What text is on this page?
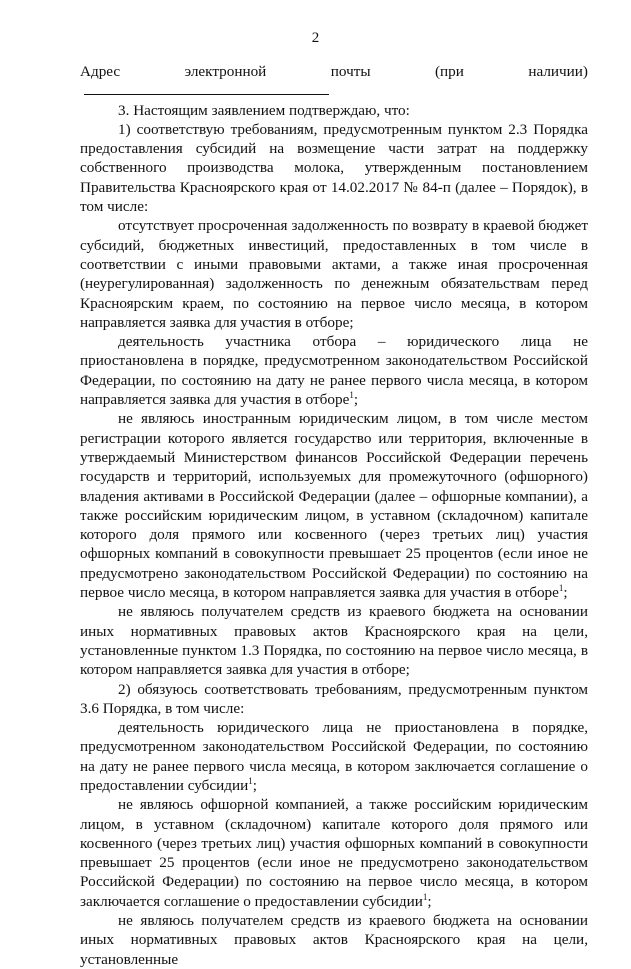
2

Адрес электронной почты (при наличии)

3. Настоящим заявлением подтверждаю, что:

1) соответствую требованиям, предусмотренным пунктом 2.3 Порядка предоставления субсидий на возмещение части затрат на поддержку собственного производства молока, утвержденным постановлением Правительства Красноярского края от 14.02.2017 № 84-п (далее – Порядок), в том числе:

отсутствует просроченная задолженность по возврату в краевой бюджет субсидий, бюджетных инвестиций, предоставленных в том числе в соответствии с иными правовыми актами, а также иная просроченная (неурегулированная) задолженность по денежным обязательствам перед Красноярским краем, по состоянию на первое число месяца, в котором направляется заявка для участия в отборе;

деятельность участника отбора – юридического лица не приостановлена в порядке, предусмотренном законодательством Российской Федерации, по состоянию на дату не ранее первого числа месяца, в котором направляется заявка для участия в отборе$^1$;

не являюсь иностранным юридическим лицом, в том числе местом регистрации которого является государство или территория, включенные в утверждаемый Министерством финансов Российской Федерации перечень государств и территорий, используемых для промежуточного (офшорного) владения активами в Российской Федерации (далее – офшорные компании), а также российским юридическим лицом, в уставном (складочном) капитале которого доля прямого или косвенного (через третьих лиц) участия офшорных компаний в совокупности превышает 25 процентов (если иное не предусмотрено законодательством Российской Федерации) по состоянию на первое число месяца, в котором направляется заявка для участия в отборе$^1$;

не являюсь получателем средств из краевого бюджета на основании иных нормативных правовых актов Красноярского края на цели, установленные пунктом 1.3 Порядка, по состоянию на первое число месяца, в котором направляется заявка для участия в отборе;

2) обязуюсь соответствовать требованиям, предусмотренным пунктом 3.6 Порядка, в том числе:

деятельность юридического лица не приостановлена в порядке, предусмотренном законодательством Российской Федерации, по состоянию на дату не ранее первого числа месяца, в котором заключается соглашение о предоставлении субсидии$^1$;

не являюсь офшорной компанией, а также российским юридическим лицом, в уставном (складочном) капитале которого доля прямого или косвенного (через третьих лиц) участия офшорных компаний в совокупности превышает 25 процентов (если иное не предусмотрено законодательством Российской Федерации) по состоянию на первое число месяца, в котором заключается соглашение о предоставлении субсидии$^1$;

не являюсь получателем средств из краевого бюджета на основании иных нормативных правовых актов Красноярского края на цели, установленные
